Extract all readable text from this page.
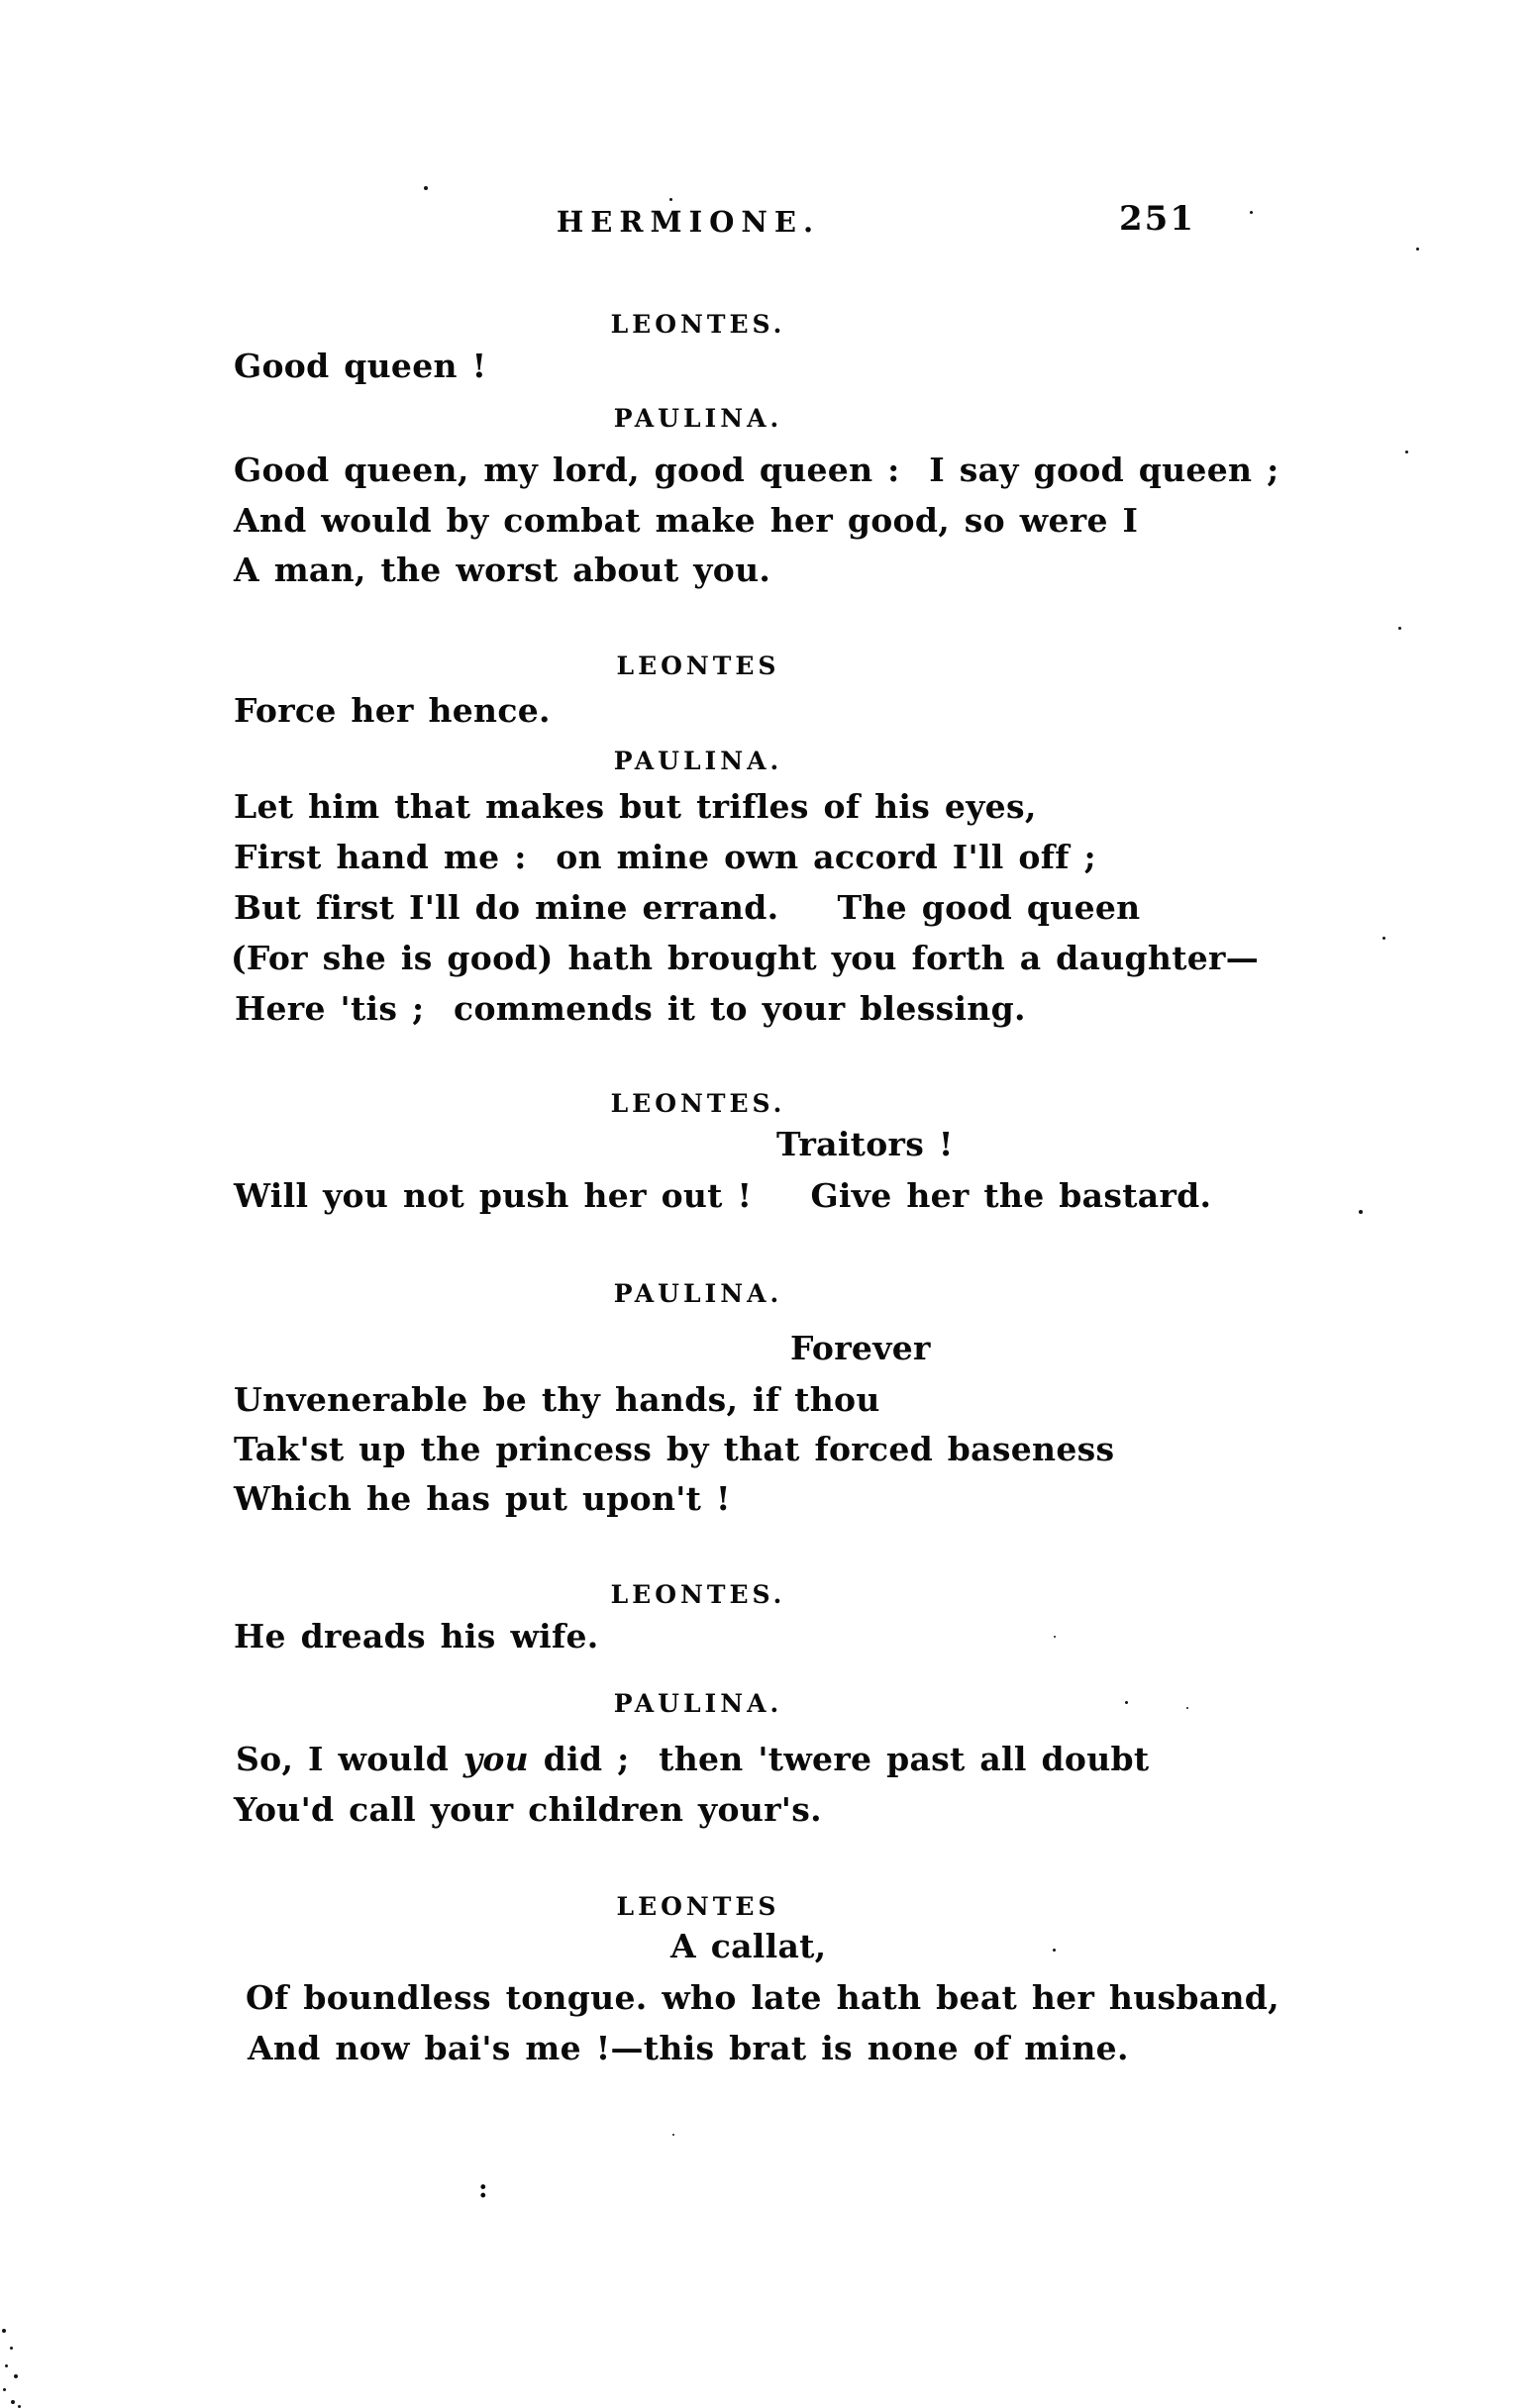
HERMIONE.	251
LEONTES.
Good queen !
PAULINA.
Good queen, my lord, good queen :  I say good queen ;
And would by combat make her good, so were I
A man, the worst about you.
LEONTES
Force her hence.
PAULINA.
Let him that makes but trifles of his eyes,
First hand me :  on mine own accord I'll off ;
But first I'll do mine errand.    The good queen
(For she is good) hath brought you forth a daughter—
Here 'tis ;  commends it to your blessing.
LEONTES.
Traitors !
Will you not push her out !    Give her the bastard.
PAULINA.
Forever
Unvenerable be thy hands, if thou
Tak'st up the princess by that forced baseness
Which he has put upon't !
LEONTES.
He dreads his wife.
PAULINA.
So, I would you did ;  then 'twere past all doubt
You'd call your children your's.
LEONTES
A callat,
Of boundless tongue. who late hath beat her husband,
And now bai's me !—this brat is none of mine.
:
